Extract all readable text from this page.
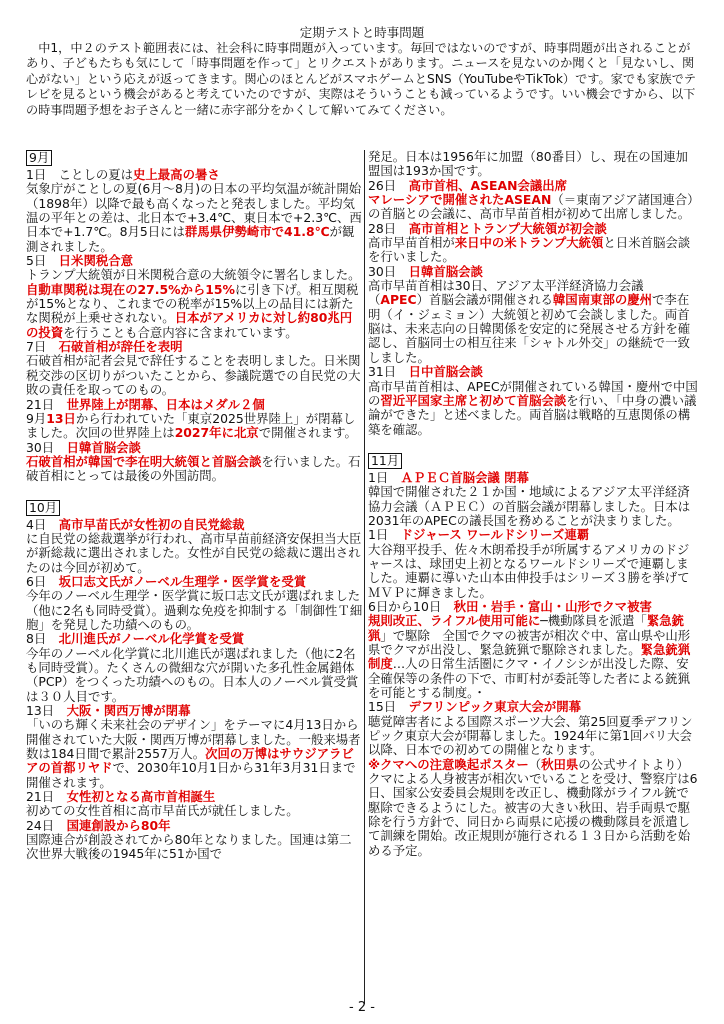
定期テストと時事問題

中1，中２のテスト範囲表には、社会科に時事問題が入っています。毎回ではないのですが、時事問題が出されることがあり、子どもたちも気にして「時事問題を作って」とリクエストがあります。ニュースを見ないのか聞くと「見ないし、関心がない」という応えが返ってきます。関心のほとんどがスマホゲームとSNS（YouTubeやTikTok）です。家でも家族でテレビを見るという機会があると考えていたのですが、実際はそういうことも減っているようです。いい機会ですから、以下の時事問題予想をお子さんと一緒に赤字部分をかくして解いてみてください。

9月
1日　 ことしの夏は史上最高の暑さ

気象庁がことしの夏(6月～8月)の日本の平均気温が統計開始（1898年）以降で最も高くなったと発表しました。平均気温の平年との差は、北日本で+3.4℃、東日本で+2.3℃、西日本で+1.7℃。8月5日には群馬県伊勢崎市で41.8℃が観測されました。

5日　 日米関税合意

トランプ大統領が日米関税合意の大統領令に署名しました。自動車関税は現在の27.5%から15%に引き下げ。相互関税が15%となり、これまでの税率が15%以上の品目には新たな関税が上乗せされない。日本がアメリカに対し約80兆円の投資を行うことも合意内容に含まれています。

7日　 石破首相が辞任を表明

石破首相が記者会見で辞任することを表明しました。日米関税交渉の区切りがついたことから、参議院選での自民党の大敗の責任を取ってのもの。

21日　 世界陸上が閉幕、日本はメダル２個

9月13日から行われていた「東京2025世界陸上」が閉幕しました。次回の世界陸上は2027年に北京で開催されます。

30日　 日韓首脳会談

石破首相が韓国で李在明大統領と首脳会談を行いました。石破首相にとっては最後の外国訪問。

10月
4日　 高市早苗氏が女性初の自民党総裁

に自民党の総裁選挙が行われ、高市早苗前経済安保担当大臣が新総裁に選出されました。女性が自民党の総裁に選出されたのは今回が初めて。

6日　 坂口志文氏がノーベル生理学・医学賞を受賞

今年のノーベル生理学・医学賞に坂口志文氏が選ばれました（他に2名も同時受賞）。過剰な免疫を抑制する「制御性Ｔ細胞」を発見した功績へのもの。

8日　 北川進氏がノーベル化学賞を受賞

今年のノーベル化学賞に北川進氏が選ばれました（他に2名も同時受賞）。たくさんの微細な穴が開いた多孔性金属錯体（PCP）をつくった功績へのもの。日本人のノーベル賞受賞は３０人目です。

13日　 大阪・関西万博が閉幕

「いのち輝く未来社会のデザイン」をテーマに4月13日から開催されていた大阪・関西万博が閉幕しました。一般来場者数は184日間で累計2557万人。次回の万博はサウジアラビアの首都リヤドで、2030年10月1日から31年3月31日まで開催されます。

21日　 女性初となる高市首相誕生

初めての女性首相に高市早苗氏が就任しました。

24日　 国連創設から80年

国際連合が創設されてから80年となりました。国連は第二次世界大戦後の1945年に51か国で

発足。日本は1956年に加盟（80番目）し、現在の国連加盟国は193か国です。

26日　 高市首相、ASEAN会議出席

マレーシアで開催されたASEAN（＝東南アジア諸国連合）の首脳との会議に、高市早苗首相が初めて出席しました。

28日　 高市首相とトランプ大統領が初会談

高市早苗首相が来日中の米トランプ大統領と日米首脳会談を行いました。

30日　 日韓首脳会談

高市早苗首相は30日、アジア太平洋経済協力会議（APEC）首脳会議が開催される韓国南東部の慶州で李在明（イ・ジェミョン）大統領と初めて会談しました。両首脳は、未来志向の日韓関係を安定的に発展させる方針を確認し、首脳同士の相互往来「シャトル外交」の継続で一致しました。

31日　 日中首脳会談

高市早苗首相は、APECが開催されている韓国・慶州で中国の習近平国家主席と初めて首脳会談を行い、「中身の濃い議論ができた」と述べました。両首脳は戦略的互恵関係の構築を確認。

11月
1日　 ＡＰＥＣ首脳会議 閉幕

韓国で開催された２１か国・地域によるアジア太平洋経済協力会議（ＡＰＥＣ）の首脳会議が閉幕しました。日本は2031年のAPECの議長国を務めることが決まりました。

1日　 ドジャース ワールドシリーズ連覇

大谷翔平投手、佐々木朗希投手が所属するアメリカのドジャースは、球団史上初となるワールドシリーズで連覇しました。連覇に導いた山本由伸投手はシリーズ３勝を挙げてＭＶＰに輝きました。

6日から10日　 秋田・岩手・富山・山形でクマ被害

規則改正、ライフル使用可能に─機動隊員を派遣「緊急銃猟」で駆除　全国でクマの被害が相次ぐ中、富山県や山形県でクマが出没し、緊急銃猟で駆除されました。緊急銃猟制度…人の日常生活圏にクマ・イノシシが出没した際、安全確保等の条件の下で、市町村が委託等した者による銃猟を可能とする制度。・

15日　 デフリンピック東京大会が開幕

聴覚障害者による国際スポーツ大会、第25回夏季デフリンピック東京大会が開幕しました。1924年に第1回パリ大会以降、日本での初めての開催となります。

※クマへの注意喚起ポスター（秋田県の公式サイトより）クマによる人身被害が相次いでいることを受け、警察庁は6日、国家公安委員会規則を改正し、機動隊がライフル銃で駆除できるようにした。被害の大きい秋田、岩手両県で駆除を行う方針で、同日から両県に応援の機動隊員を派遣して訓練を開始。改正規則が施行される１３日から活動を始める予定。

- 2 -
